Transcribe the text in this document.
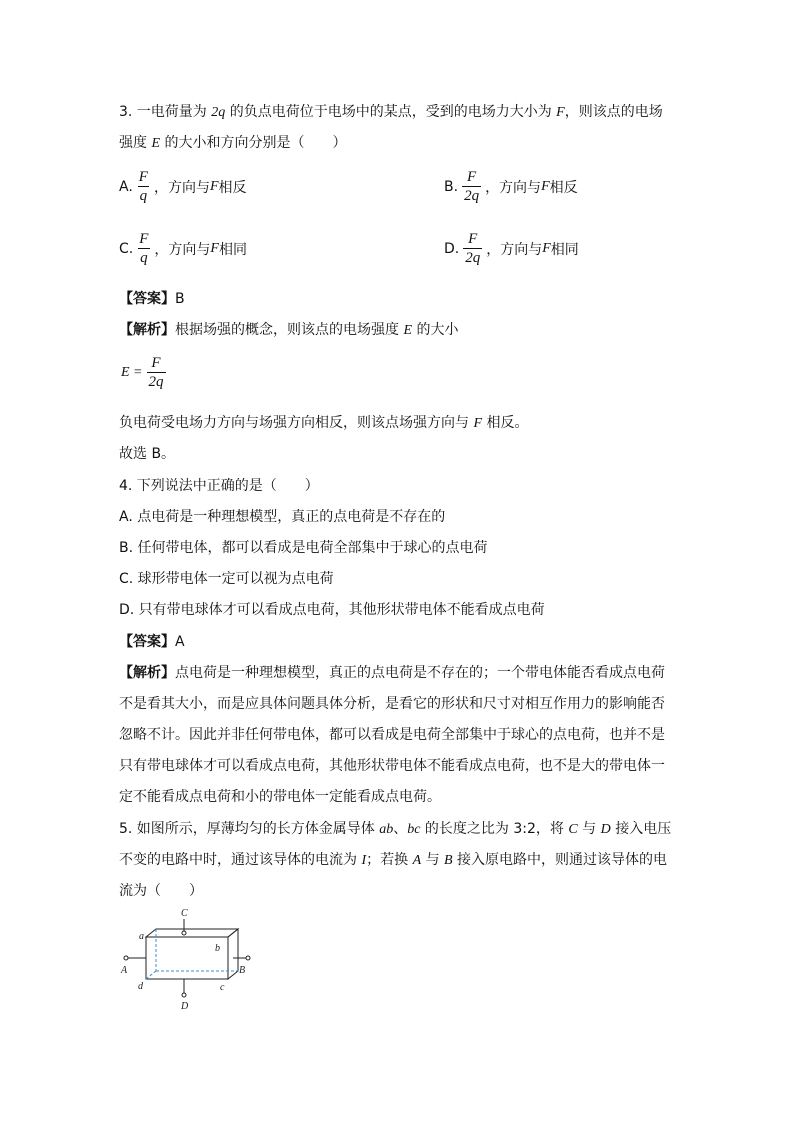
3. 一电荷量为 2q 的负点电荷位于电场中的某点，受到的电场力大小为 F，则该点的电场
强度 E 的大小和方向分别是（　　）
A. $\frac{F}{q}$ ，方向与 F 相反	B. $\frac{F}{2q}$ ，方向与 F 相反
C. $\frac{F}{q}$ ，方向与 F 相同	D. $\frac{F}{2q}$ ，方向与 F 相同
【答案】B
【解析】根据场强的概念，则该点的电场强度 E 的大小
$E = \frac{F}{2q}$
负电荷受电场力方向与场强方向相反，则该点场强方向与 F 相反。
故选 B。
4. 下列说法中正确的是（　　）
A. 点电荷是一种理想模型，真正的点电荷是不存在的
B. 任何带电体，都可以看成是电荷全部集中于球心的点电荷
C. 球形带电体一定可以视为点电荷
D. 只有带电球体才可以看成点电荷，其他形状带电体不能看成点电荷
【答案】A
【解析】点电荷是一种理想模型，真正的点电荷是不存在的；一个带电体能否看成点电荷
不是看其大小，而是应具体问题具体分析，是看它的形状和尺寸对相互作用力的影响能否
忽略不计。因此并非任何带电体，都可以看成是电荷全部集中于球心的点电荷，也并不是
只有带电球体才可以看成点电荷，其他形状带电体不能看成点电荷，也不是大的带电体一
定不能看成点电荷和小的带电体一定能看成点电荷。
5. 如图所示，厚薄均匀的长方体金属导体 ab、bc 的长度之比为 3:2，将 C 与 D 接入电压
不变的电路中时，通过该导体的电流为 I；若换 A 与 B 接入原电路中，则通过该导体的电
流为（　　）
C
D
A	B
a
b
c
d
